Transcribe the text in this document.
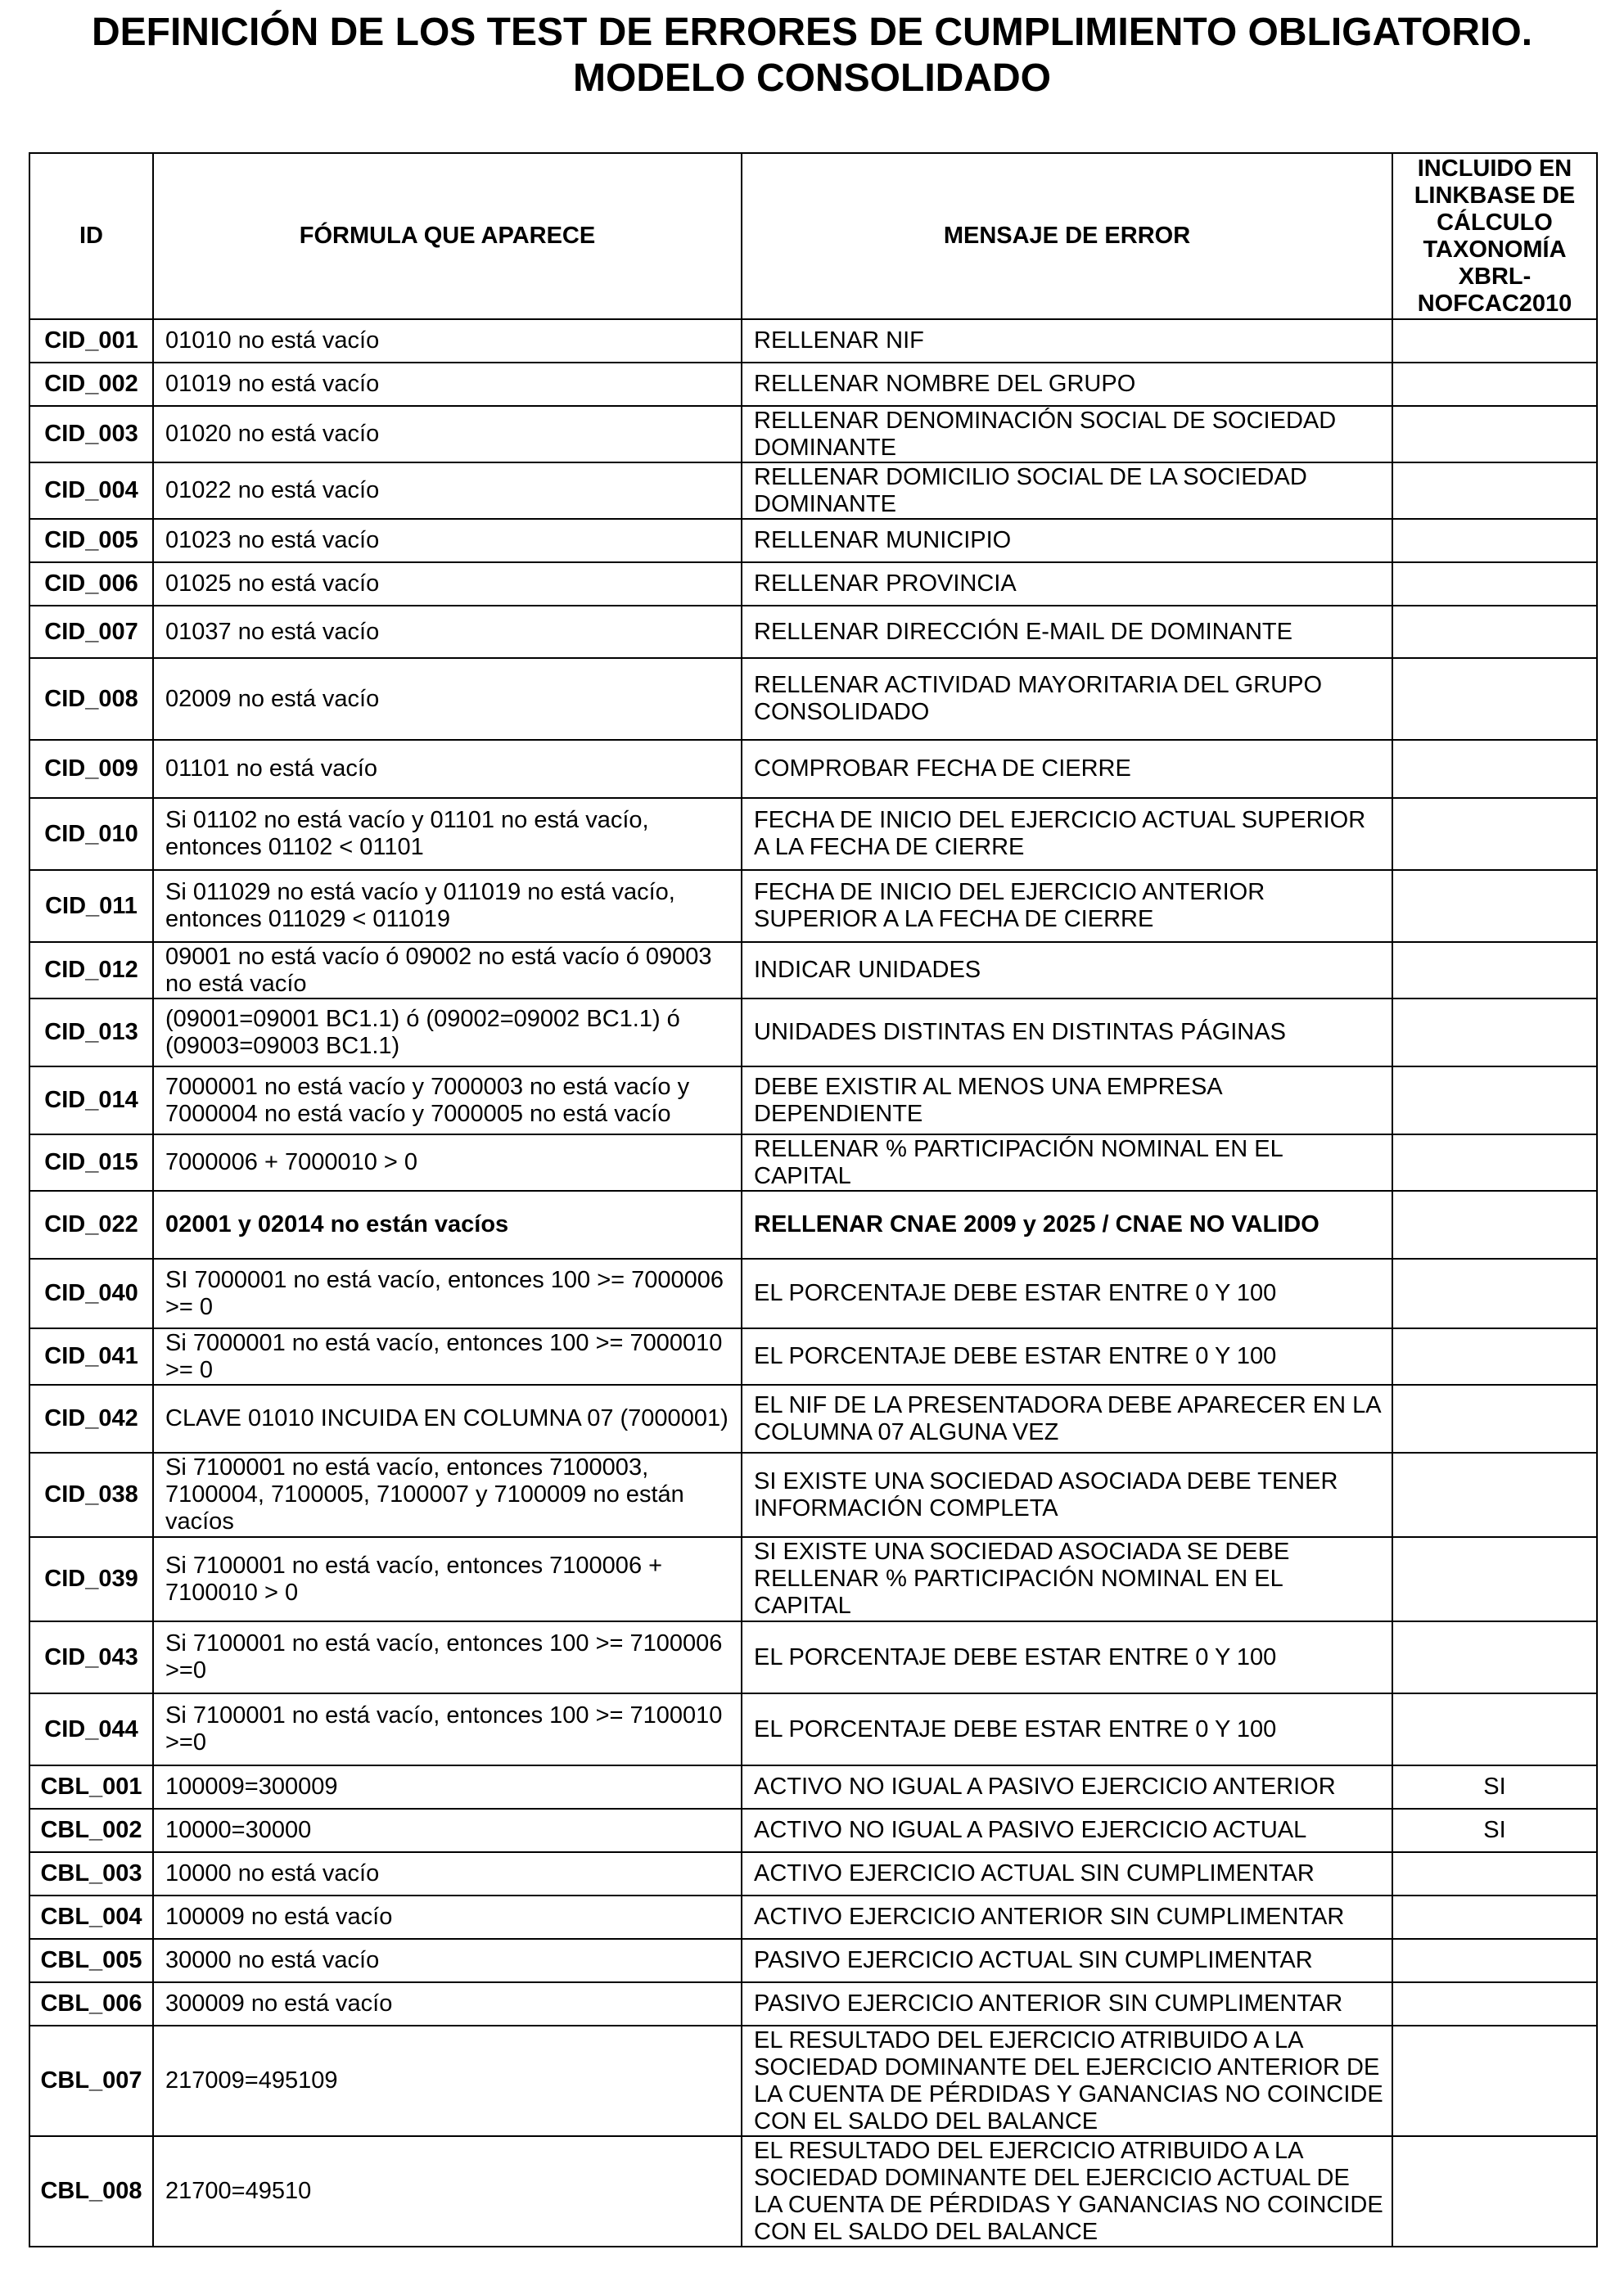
DEFINICIÓN DE LOS TEST DE ERRORES DE CUMPLIMIENTO OBLIGATORIO.
MODELO CONSOLIDADO
ID	FÓRMULA QUE APARECE	MENSAJE DE ERROR	INCLUIDO EN LINKBASE DE CÁLCULO TAXONOMÍA XBRL-NOFCAC2010
CID_001	01010 no está vacío	RELLENAR NIF	
CID_002	01019 no está vacío	RELLENAR NOMBRE DEL GRUPO	
CID_003	01020 no está vacío	RELLENAR DENOMINACIÓN SOCIAL DE SOCIEDAD DOMINANTE	
CID_004	01022 no está vacío	RELLENAR DOMICILIO SOCIAL DE LA SOCIEDAD DOMINANTE	
CID_005	01023 no está vacío	RELLENAR MUNICIPIO	
CID_006	01025 no está vacío	RELLENAR PROVINCIA	
CID_007	01037 no está vacío	RELLENAR DIRECCIÓN E-MAIL DE DOMINANTE	
CID_008	02009 no está vacío	RELLENAR ACTIVIDAD MAYORITARIA DEL GRUPO CONSOLIDADO	
CID_009	01101 no está vacío	COMPROBAR FECHA DE CIERRE	
CID_010	Si 01102 no está vacío y 01101 no está vacío, entonces 01102 < 01101	FECHA DE INICIO DEL EJERCICIO ACTUAL SUPERIOR A LA FECHA DE CIERRE	
CID_011	Si 011029 no está vacío y 011019 no está vacío, entonces 011029 < 011019	FECHA DE INICIO DEL EJERCICIO ANTERIOR SUPERIOR A LA FECHA DE CIERRE	
CID_012	09001 no está vacío ó 09002 no está vacío ó 09003 no está vacío	INDICAR UNIDADES	
CID_013	(09001=09001 BC1.1) ó (09002=09002 BC1.1) ó (09003=09003 BC1.1)	UNIDADES DISTINTAS EN DISTINTAS PÁGINAS	
CID_014	7000001 no está vacío y 7000003 no está vacío y 7000004 no está vacío y 7000005 no está vacío	DEBE EXISTIR AL MENOS UNA EMPRESA DEPENDIENTE	
CID_015	7000006 + 7000010 > 0	RELLENAR % PARTICIPACIÓN NOMINAL EN EL CAPITAL	
CID_022	02001 y 02014 no están vacíos	RELLENAR CNAE 2009 y 2025 / CNAE NO VALIDO	
CID_040	SI 7000001 no está vacío, entonces 100 >= 7000006 >= 0	EL PORCENTAJE DEBE ESTAR ENTRE 0 Y 100	
CID_041	Si 7000001 no está vacío, entonces 100 >= 7000010 >= 0	EL PORCENTAJE DEBE ESTAR ENTRE 0 Y 100	
CID_042	CLAVE 01010 INCUIDA EN COLUMNA 07 (7000001)	EL NIF DE LA PRESENTADORA DEBE APARECER EN LA COLUMNA 07 ALGUNA VEZ	
CID_038	Si 7100001 no está vacío, entonces 7100003, 7100004, 7100005, 7100007 y 7100009 no están vacíos	SI EXISTE UNA SOCIEDAD ASOCIADA DEBE TENER INFORMACIÓN COMPLETA	
CID_039	Si 7100001 no está vacío, entonces 7100006 + 7100010 > 0	SI EXISTE UNA SOCIEDAD ASOCIADA SE DEBE RELLENAR % PARTICIPACIÓN NOMINAL EN EL CAPITAL	
CID_043	Si 7100001 no está vacío, entonces 100 >= 7100006 >=0	EL PORCENTAJE DEBE ESTAR ENTRE 0 Y 100	
CID_044	Si 7100001 no está vacío, entonces 100 >= 7100010 >=0	EL PORCENTAJE DEBE ESTAR ENTRE 0 Y 100	
CBL_001	100009=300009	ACTIVO NO IGUAL A PASIVO EJERCICIO ANTERIOR	SI
CBL_002	10000=30000	ACTIVO NO IGUAL A PASIVO EJERCICIO ACTUAL	SI
CBL_003	10000 no está vacío	ACTIVO EJERCICIO ACTUAL SIN CUMPLIMENTAR	
CBL_004	100009 no está vacío	ACTIVO EJERCICIO ANTERIOR SIN CUMPLIMENTAR	
CBL_005	30000 no está vacío	PASIVO EJERCICIO ACTUAL SIN CUMPLIMENTAR	
CBL_006	300009 no está vacío	PASIVO EJERCICIO ANTERIOR SIN CUMPLIMENTAR	
CBL_007	217009=495109	EL RESULTADO DEL EJERCICIO ATRIBUIDO A LA SOCIEDAD DOMINANTE DEL EJERCICIO ANTERIOR DE LA CUENTA DE PÉRDIDAS Y GANANCIAS NO COINCIDE CON EL SALDO DEL BALANCE	
CBL_008	21700=49510	EL RESULTADO DEL EJERCICIO ATRIBUIDO A LA SOCIEDAD DOMINANTE DEL EJERCICIO ACTUAL DE LA CUENTA DE PÉRDIDAS Y GANANCIAS NO COINCIDE CON EL SALDO DEL BALANCE	
